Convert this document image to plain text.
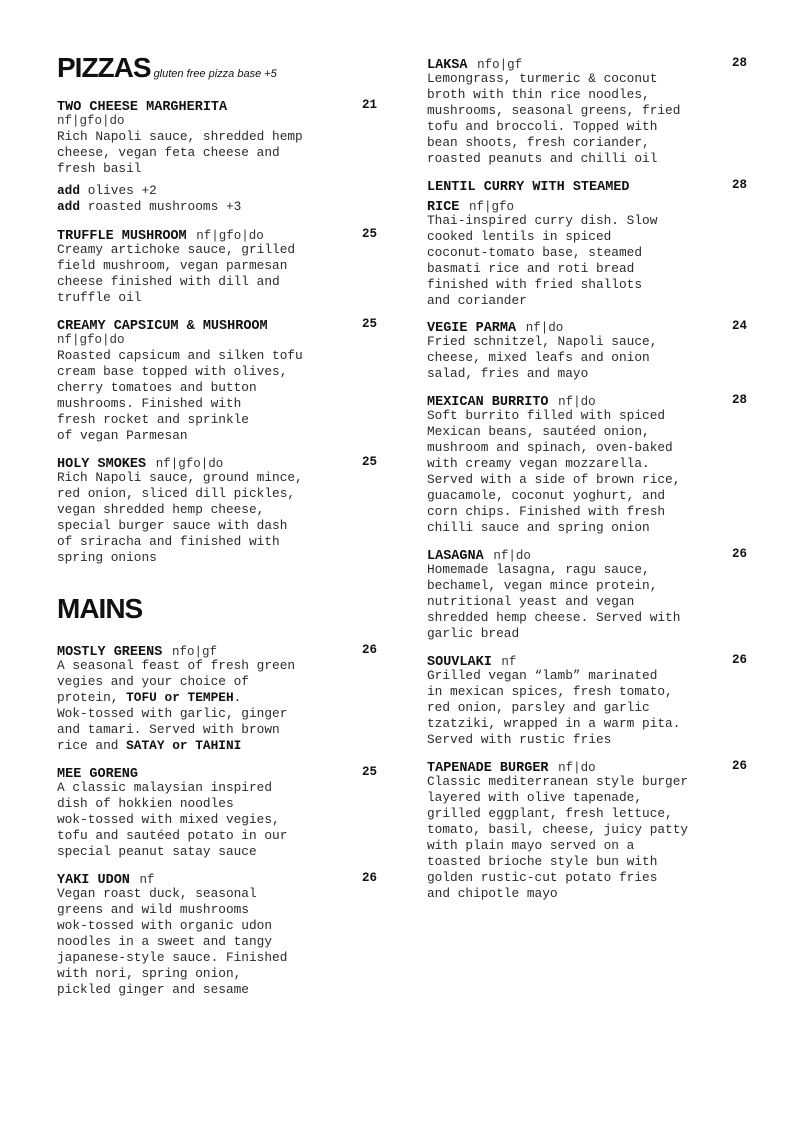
PIZZAS gluten free pizza base +5
TWO CHEESE MARGHERITA	21
nf|gfo|do
Rich Napoli sauce, shredded hemp
cheese, vegan feta cheese and
fresh basil
add olives +2
add roasted mushrooms +3
TRUFFLE MUSHROOM nf|gfo|do	25
Creamy artichoke sauce, grilled
field mushroom, vegan parmesan
cheese finished with dill and
truffle oil
CREAMY CAPSICUM & MUSHROOM	25
nf|gfo|do
Roasted capsicum and silken tofu
cream base topped with olives,
cherry tomatoes and button
mushrooms. Finished with
fresh rocket and sprinkle
of vegan Parmesan
HOLY SMOKES nf|gfo|do	25
Rich Napoli sauce, ground mince,
red onion, sliced dill pickles,
vegan shredded hemp cheese,
special burger sauce with dash
of sriracha and finished with
spring onions
MAINS
MOSTLY GREENS nfo|gf	26
A seasonal feast of fresh green
vegies and your choice of
protein, TOFU or TEMPEH.
Wok-tossed with garlic, ginger
and tamari. Served with brown
rice and SATAY or TAHINI
MEE GORENG	25
A classic malaysian inspired
dish of hokkien noodles
wok-tossed with mixed vegies,
tofu and sautéed potato in our
special peanut satay sauce
YAKI UDON nf	26
Vegan roast duck, seasonal
greens and wild mushrooms
wok-tossed with organic udon
noodles in a sweet and tangy
japanese-style sauce. Finished
with nori, spring onion,
pickled ginger and sesame
LAKSA nfo|gf	28
Lemongrass, turmeric & coconut
broth with thin rice noodles,
mushrooms, seasonal greens, fried
tofu and broccoli. Topped with
bean shoots, fresh coriander,
roasted peanuts and chilli oil
LENTIL CURRY WITH STEAMED	28
RICE nf|gfo
Thai-inspired curry dish. Slow
cooked lentils in spiced
coconut-tomato base, steamed
basmati rice and roti bread
finished with fried shallots
and coriander
VEGIE PARMA nf|do	24
Fried schnitzel, Napoli sauce,
cheese, mixed leafs and onion
salad, fries and mayo
MEXICAN BURRITO nf|do	28
Soft burrito filled with spiced
Mexican beans, sautéed onion,
mushroom and spinach, oven-baked
with creamy vegan mozzarella.
Served with a side of brown rice,
guacamole, coconut yoghurt, and
corn chips. Finished with fresh
chilli sauce and spring onion
LASAGNA nf|do	26
Homemade lasagna, ragu sauce,
bechamel, vegan mince protein,
nutritional yeast and vegan
shredded hemp cheese. Served with
garlic bread
SOUVLAKI nf	26
Grilled vegan “lamb” marinated
in mexican spices, fresh tomato,
red onion, parsley and garlic
tzatziki, wrapped in a warm pita.
Served with rustic fries
TAPENADE BURGER nf|do	26
Classic mediterranean style burger
layered with olive tapenade,
grilled eggplant, fresh lettuce,
tomato, basil, cheese, juicy patty
with plain mayo served on a
toasted brioche style bun with
golden rustic-cut potato fries
and chipotle mayo
